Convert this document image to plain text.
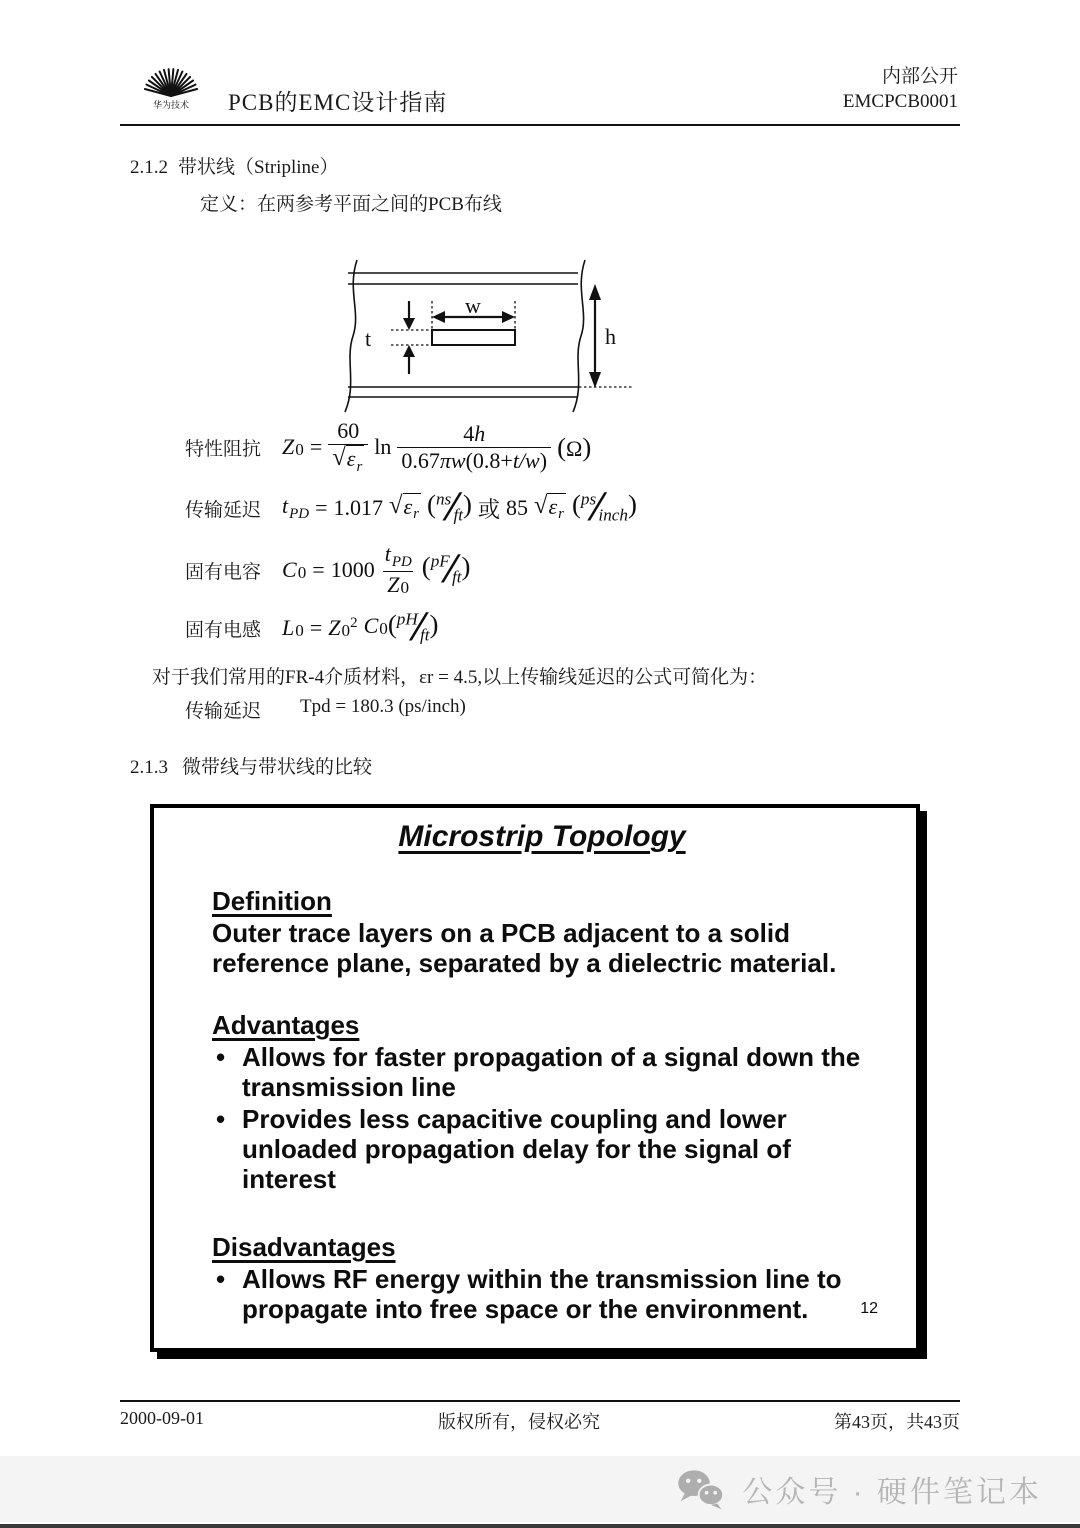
华为技术 PCB的EMC设计指南
内部公开
EMCPCB0001
2.1.2 带状线（Stripline）
定义：在两参考平面之间的PCB布线
w
t	h
特性阻抗 $Z0 = \frac{60}{√ \varepsilon_r}$ $\ln \frac{4h}{0.67\pi w(0.8+t/w)} (\Omega)$
传输延迟 $t_{PD} = 1.017$ √ $\varepsilon_r$ ( ns
⁄
ft ) 或 85 √ $\varepsilon_r$ ( ps
⁄
inch )
固有电容 $C0 = 1000 \frac{t_{PD}}{Z0}$ ( pF
⁄
ft )
固有电感 $L0 = Z0^2$ C0( pH
⁄
ft )
对于我们常用的FR-4介质材料，εr = 4.5,以上传输线延迟的公式可简化为：
传输延迟	Tpd = 180.3 (ps/inch)
2.1.3 微带线与带状线的比较
Microstrip Topology
Definition
Outer trace layers on a PCB adjacent to a solid reference plane, separated by a dielectric material.
Advantages
• Allows for faster propagation of a signal down the transmission line
• Provides less capacitive coupling and lower unloaded propagation delay for the signal of interest
Disadvantages
• Allows RF energy within the transmission line to propagate into free space or the environment.	12
2000-09-01	版权所有，侵权必究	第43页，共43页
公众号 · 硬件笔记本
